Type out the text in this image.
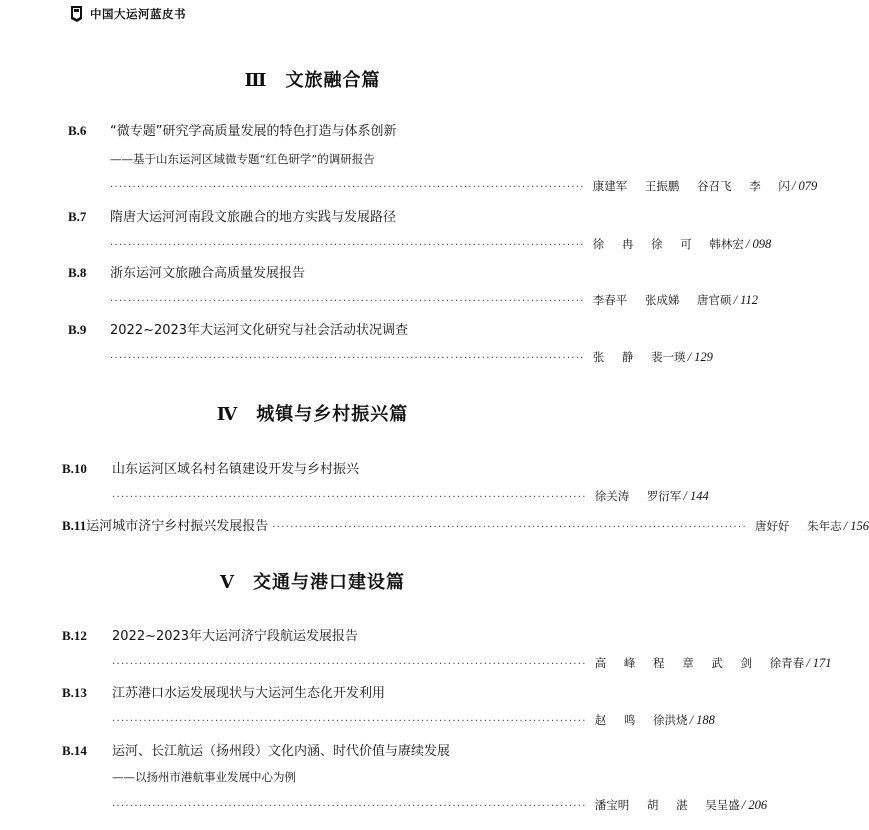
中国大运河蓝皮书
Ⅲ 文旅融合篇
B.6	“微专题”研究学高质量发展的特色打造与体系创新
——基于山东运河区域微专题“红色研学”的调研报告
·········································································································· 康建军 王振鹏 谷召飞 李 闪 / 079
B.7	隋唐大运河河南段文旅融合的地方实践与发展路径
·········································································································· 徐 冉 徐 可 韩林宏 / 098
B.8	浙东运河文旅融合高质量发展报告
·········································································································· 李春平 张成娣 唐官硕 / 112
B.9	2022~2023年大运河文化研究与社会活动状况调查
·········································································································· 张 静 裴一瑛 / 129
Ⅳ 城镇与乡村振兴篇
B.10	山东运河区域名村名镇建设开发与乡村振兴
·········································································································· 徐关涛 罗衍军 / 144
B.11 运河城市济宁乡村振兴发展报告 ·········································································································· 唐好好 朱年志 / 156
Ⅴ 交通与港口建设篇
B.12	2022~2023年大运河济宁段航运发展报告
·········································································································· 高 峰 程 章 武 剑 徐青春 / 171
B.13	江苏港口水运发展现状与大运河生态化开发利用
·········································································································· 赵 鸣 徐洪烧 / 188
B.14	运河、长江航运（扬州段）文化内涵、时代价值与赓续发展
——以扬州市港航事业发展中心为例
·········································································································· 潘宝明 胡 湛 吴呈盛 / 206
